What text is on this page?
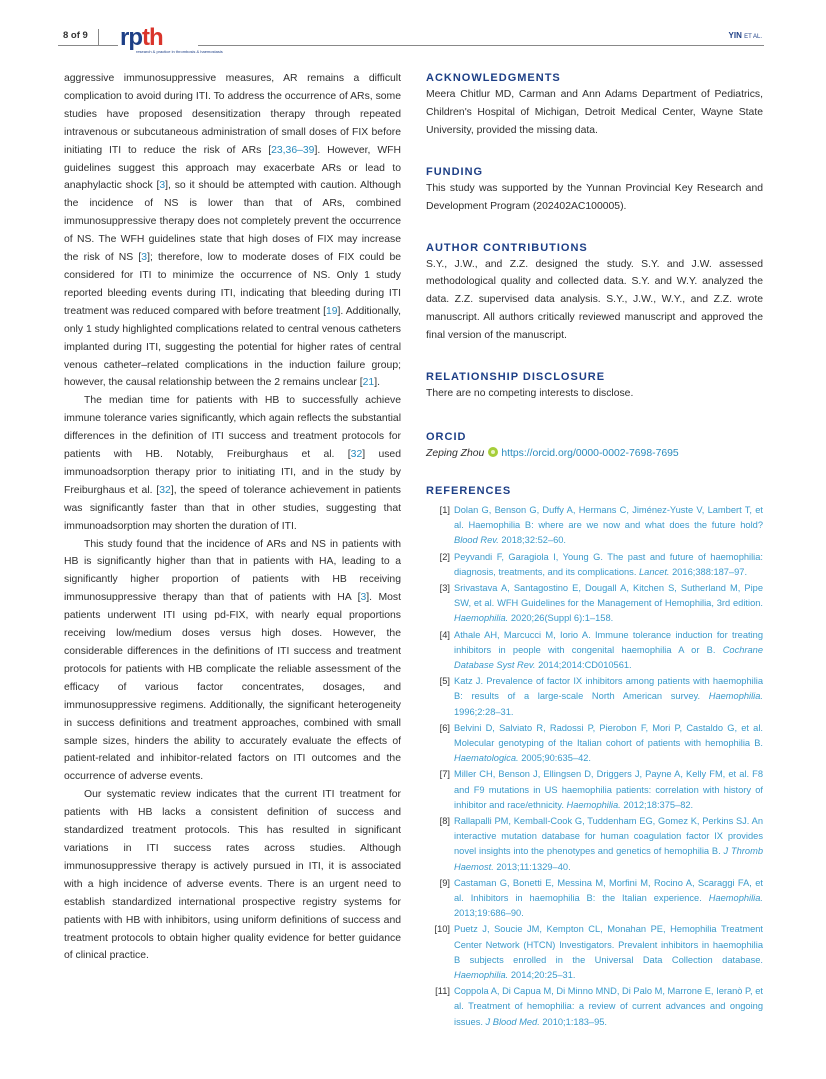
8 of 9 rpth
research & practice in thrombosis & haemostasis
YIN ET AL.

aggressive immunosuppressive measures, AR remains a difficult complication to avoid during ITI. To address the occurrence of ARs, some studies have proposed desensitization therapy through repeated intravenous or subcutaneous administration of small doses of FIX before initiating ITI to reduce the risk of ARs [23,36–39]. However, WFH guidelines suggest this approach may exacerbate ARs or lead to anaphylactic shock [3], so it should be attempted with caution. Although the incidence of NS is lower than that of ARs, combined immunosuppressive therapy does not completely prevent the occurrence of NS. The WFH guidelines state that high doses of FIX may increase the risk of NS [3]; therefore, low to moderate doses of FIX could be considered for ITI to minimize the occurrence of NS. Only 1 study reported bleeding events during ITI, indicating that bleeding during ITI treatment was reduced compared with before treatment [19]. Additionally, only 1 study highlighted complications related to central venous catheters implanted during ITI, suggesting the potential for higher rates of central venous catheter–related complications in the induction failure group; however, the causal relationship between the 2 remains unclear [21].

The median time for patients with HB to successfully achieve immune tolerance varies significantly, which again reflects the substantial differences in the definition of ITI success and treatment protocols for patients with HB. Notably, Freiburghaus et al. [32] used immunoadsorption therapy prior to initiating ITI, and in the study by Freiburghaus et al. [32], the speed of tolerance achievement in patients was significantly faster than that in other studies, suggesting that immunoadsorption may shorten the duration of ITI.

This study found that the incidence of ARs and NS in patients with HB is significantly higher than that in patients with HA, leading to a significantly higher proportion of patients with HB receiving immunosuppressive therapy than that of patients with HA [3]. Most patients underwent ITI using pd-FIX, with nearly equal proportions receiving low/medium doses versus high doses. However, the considerable differences in the definitions of ITI success and treatment protocols for patients with HB complicate the reliable assessment of the efficacy of various factor concentrates, dosages, and immunosuppressive regimens. Additionally, the significant heterogeneity in success definitions and treatment approaches, combined with small sample sizes, hinders the ability to accurately evaluate the effects of patient-related and inhibitor-related factors on ITI outcomes and the occurrence of adverse events.

Our systematic review indicates that the current ITI treatment for patients with HB lacks a consistent definition of success and standardized treatment protocols. This has resulted in significant variations in ITI success rates across studies. Although immunosuppressive therapy is actively pursued in ITI, it is associated with a high incidence of adverse events. There is an urgent need to establish standardized international prospective registry systems for patients with HB with inhibitors, using uniform definitions of success and treatment protocols to obtain higher quality evidence for better guidance of clinical practice.

ACKNOWLEDGMENTS

Meera Chitlur MD, Carman and Ann Adams Department of Pediatrics, Children's Hospital of Michigan, Detroit Medical Center, Wayne State University, provided the missing data.

FUNDING

This study was supported by the Yunnan Provincial Key Research and Development Program (202402AC100005).

AUTHOR CONTRIBUTIONS

S.Y., J.W., and Z.Z. designed the study. S.Y. and J.W. assessed methodological quality and collected data. S.Y. and W.Y. analyzed the data. Z.Z. supervised data analysis. S.Y., J.W., W.Y., and Z.Z. wrote manuscript. All authors critically reviewed manuscript and approved the final version of the manuscript.

RELATIONSHIP DISCLOSURE

There are no competing interests to disclose.

ORCID
Zeping Zhou https://orcid.org/0000-0002-7698-7695
REFERENCES
[1] Dolan G, Benson G, Duffy A, Hermans C, Jiménez-Yuste V, Lambert T, et al. Haemophilia B: where are we now and what does the future hold? Blood Rev. 2018;32:52–60.
[2] Peyvandi F, Garagiola I, Young G. The past and future of haemophilia: diagnosis, treatments, and its complications. Lancet. 2016;388:187–97.
[3] Srivastava A, Santagostino E, Dougall A, Kitchen S, Sutherland M, Pipe SW, et al. WFH Guidelines for the Management of Hemophilia, 3rd edition. Haemophilia. 2020;26(Suppl 6):1–158.
[4] Athale AH, Marcucci M, Iorio A. Immune tolerance induction for treating inhibitors in people with congenital haemophilia A or B. Cochrane Database Syst Rev. 2014;2014:CD010561.
[5] Katz J. Prevalence of factor IX inhibitors among patients with haemophilia B: results of a large-scale North American survey. Haemophilia. 1996;2:28–31.
[6] Belvini D, Salviato R, Radossi P, Pierobon F, Mori P, Castaldo G, et al. Molecular genotyping of the Italian cohort of patients with hemophilia B. Haematologica. 2005;90:635–42.
[7] Miller CH, Benson J, Ellingsen D, Driggers J, Payne A, Kelly FM, et al. F8 and F9 mutations in US haemophilia patients: correlation with history of inhibitor and race/ethnicity. Haemophilia. 2012;18:375–82.
[8] Rallapalli PM, Kemball-Cook G, Tuddenham EG, Gomez K, Perkins SJ. An interactive mutation database for human coagulation factor IX provides novel insights into the phenotypes and genetics of hemophilia B. J Thromb Haemost. 2013;11:1329–40.
[9] Castaman G, Bonetti E, Messina M, Morfini M, Rocino A, Scaraggi FA, et al. Inhibitors in haemophilia B: the Italian experience. Haemophilia. 2013;19:686–90.
[10] Puetz J, Soucie JM, Kempton CL, Monahan PE, Hemophilia Treatment Center Network (HTCN) Investigators. Prevalent inhibitors in haemophilia B subjects enrolled in the Universal Data Collection database. Haemophilia. 2014;20:25–31.
[11] Coppola A, Di Capua M, Di Minno MND, Di Palo M, Marrone E, Ieranò P, et al. Treatment of hemophilia: a review of current advances and ongoing issues. J Blood Med. 2010;1:183–95.
